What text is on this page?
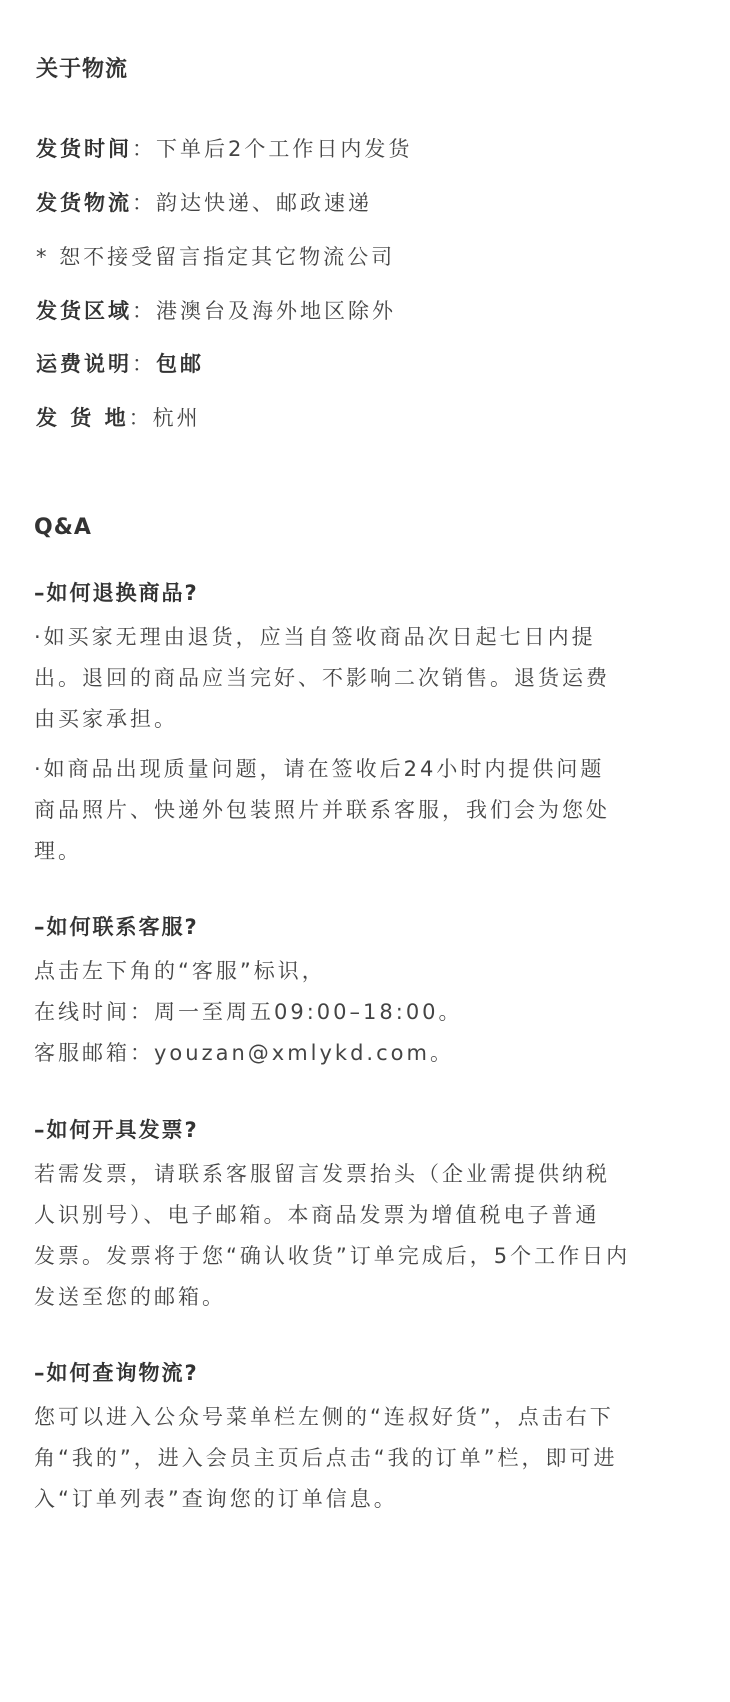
关于物流
发货时间：下单后2个工作日内发货
发货物流：韵达快递、邮政速递
* 恕不接受留言指定其它物流公司
发货区域：港澳台及海外地区除外
运费说明：包邮
发 货 地：杭州
Q&A
–如何退换商品?
·如买家无理由退货，应当自签收商品次日起七日内提
出。退回的商品应当完好、不影响二次销售。退货运费
由买家承担。
·如商品出现质量问题，请在签收后24小时内提供问题
商品照片、快递外包装照片并联系客服，我们会为您处
理。
–如何联系客服?
点击左下角的“客服”标识，
在线时间：周一至周五09:00–18:00。
客服邮箱：youzan@xmlykd.com。
–如何开具发票?
若需发票，请联系客服留言发票抬头（企业需提供纳税
人识别号）、电子邮箱。本商品发票为增值税电子普通
发票。发票将于您“确认收货”订单完成后，5个工作日内
发送至您的邮箱。
–如何查询物流?
您可以进入公众号菜单栏左侧的“连叔好货”，点击右下
角“我的”，进入会员主页后点击“我的订单”栏，即可进
入“订单列表”查询您的订单信息。
